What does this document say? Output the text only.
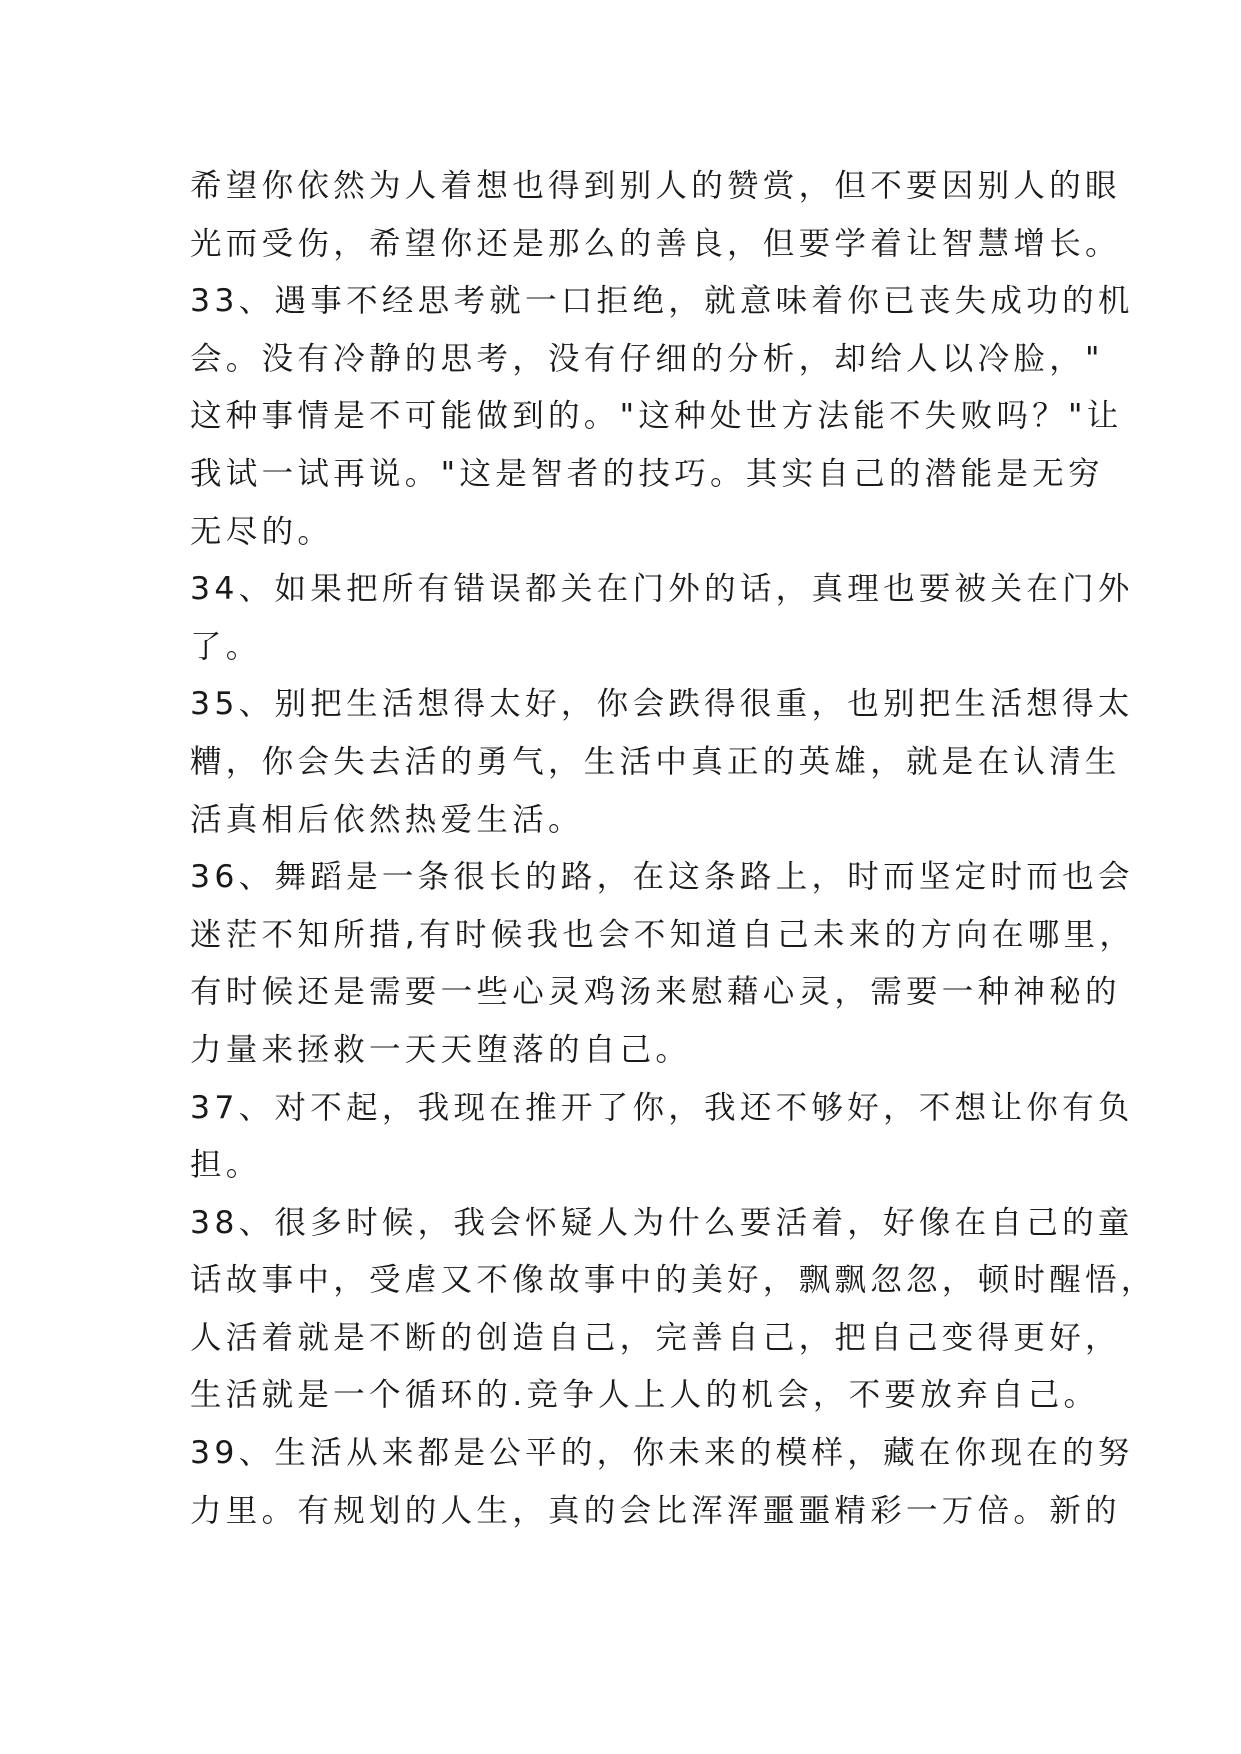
希望你依然为人着想也得到别人的赞赏，但不要因别人的眼
光而受伤，希望你还是那么的善良，但要学着让智慧增长。
33、遇事不经思考就一口拒绝，就意味着你已丧失成功的机
会。没有冷静的思考，没有仔细的分析，却给人以冷脸，"
这种事情是不可能做到的。"这种处世方法能不失败吗？"让
我试一试再说。"这是智者的技巧。其实自己的潜能是无穷
无尽的。
34、如果把所有错误都关在门外的话，真理也要被关在门外
了。
35、别把生活想得太好，你会跌得很重，也别把生活想得太
糟，你会失去活的勇气，生活中真正的英雄，就是在认清生
活真相后依然热爱生活。
36、舞蹈是一条很长的路，在这条路上，时而坚定时而也会
迷茫不知所措,有时候我也会不知道自己未来的方向在哪里，
有时候还是需要一些心灵鸡汤来慰藉心灵，需要一种神秘的
力量来拯救一天天堕落的自己。
37、对不起，我现在推开了你，我还不够好，不想让你有负
担。
38、很多时候，我会怀疑人为什么要活着，好像在自己的童
话故事中，受虐又不像故事中的美好，飘飘忽忽，顿时醒悟，
人活着就是不断的创造自己，完善自己，把自己变得更好，
生活就是一个循环的.竞争人上人的机会，不要放弃自己。
39、生活从来都是公平的，你未来的模样，藏在你现在的努
力里。有规划的人生，真的会比浑浑噩噩精彩一万倍。新的
